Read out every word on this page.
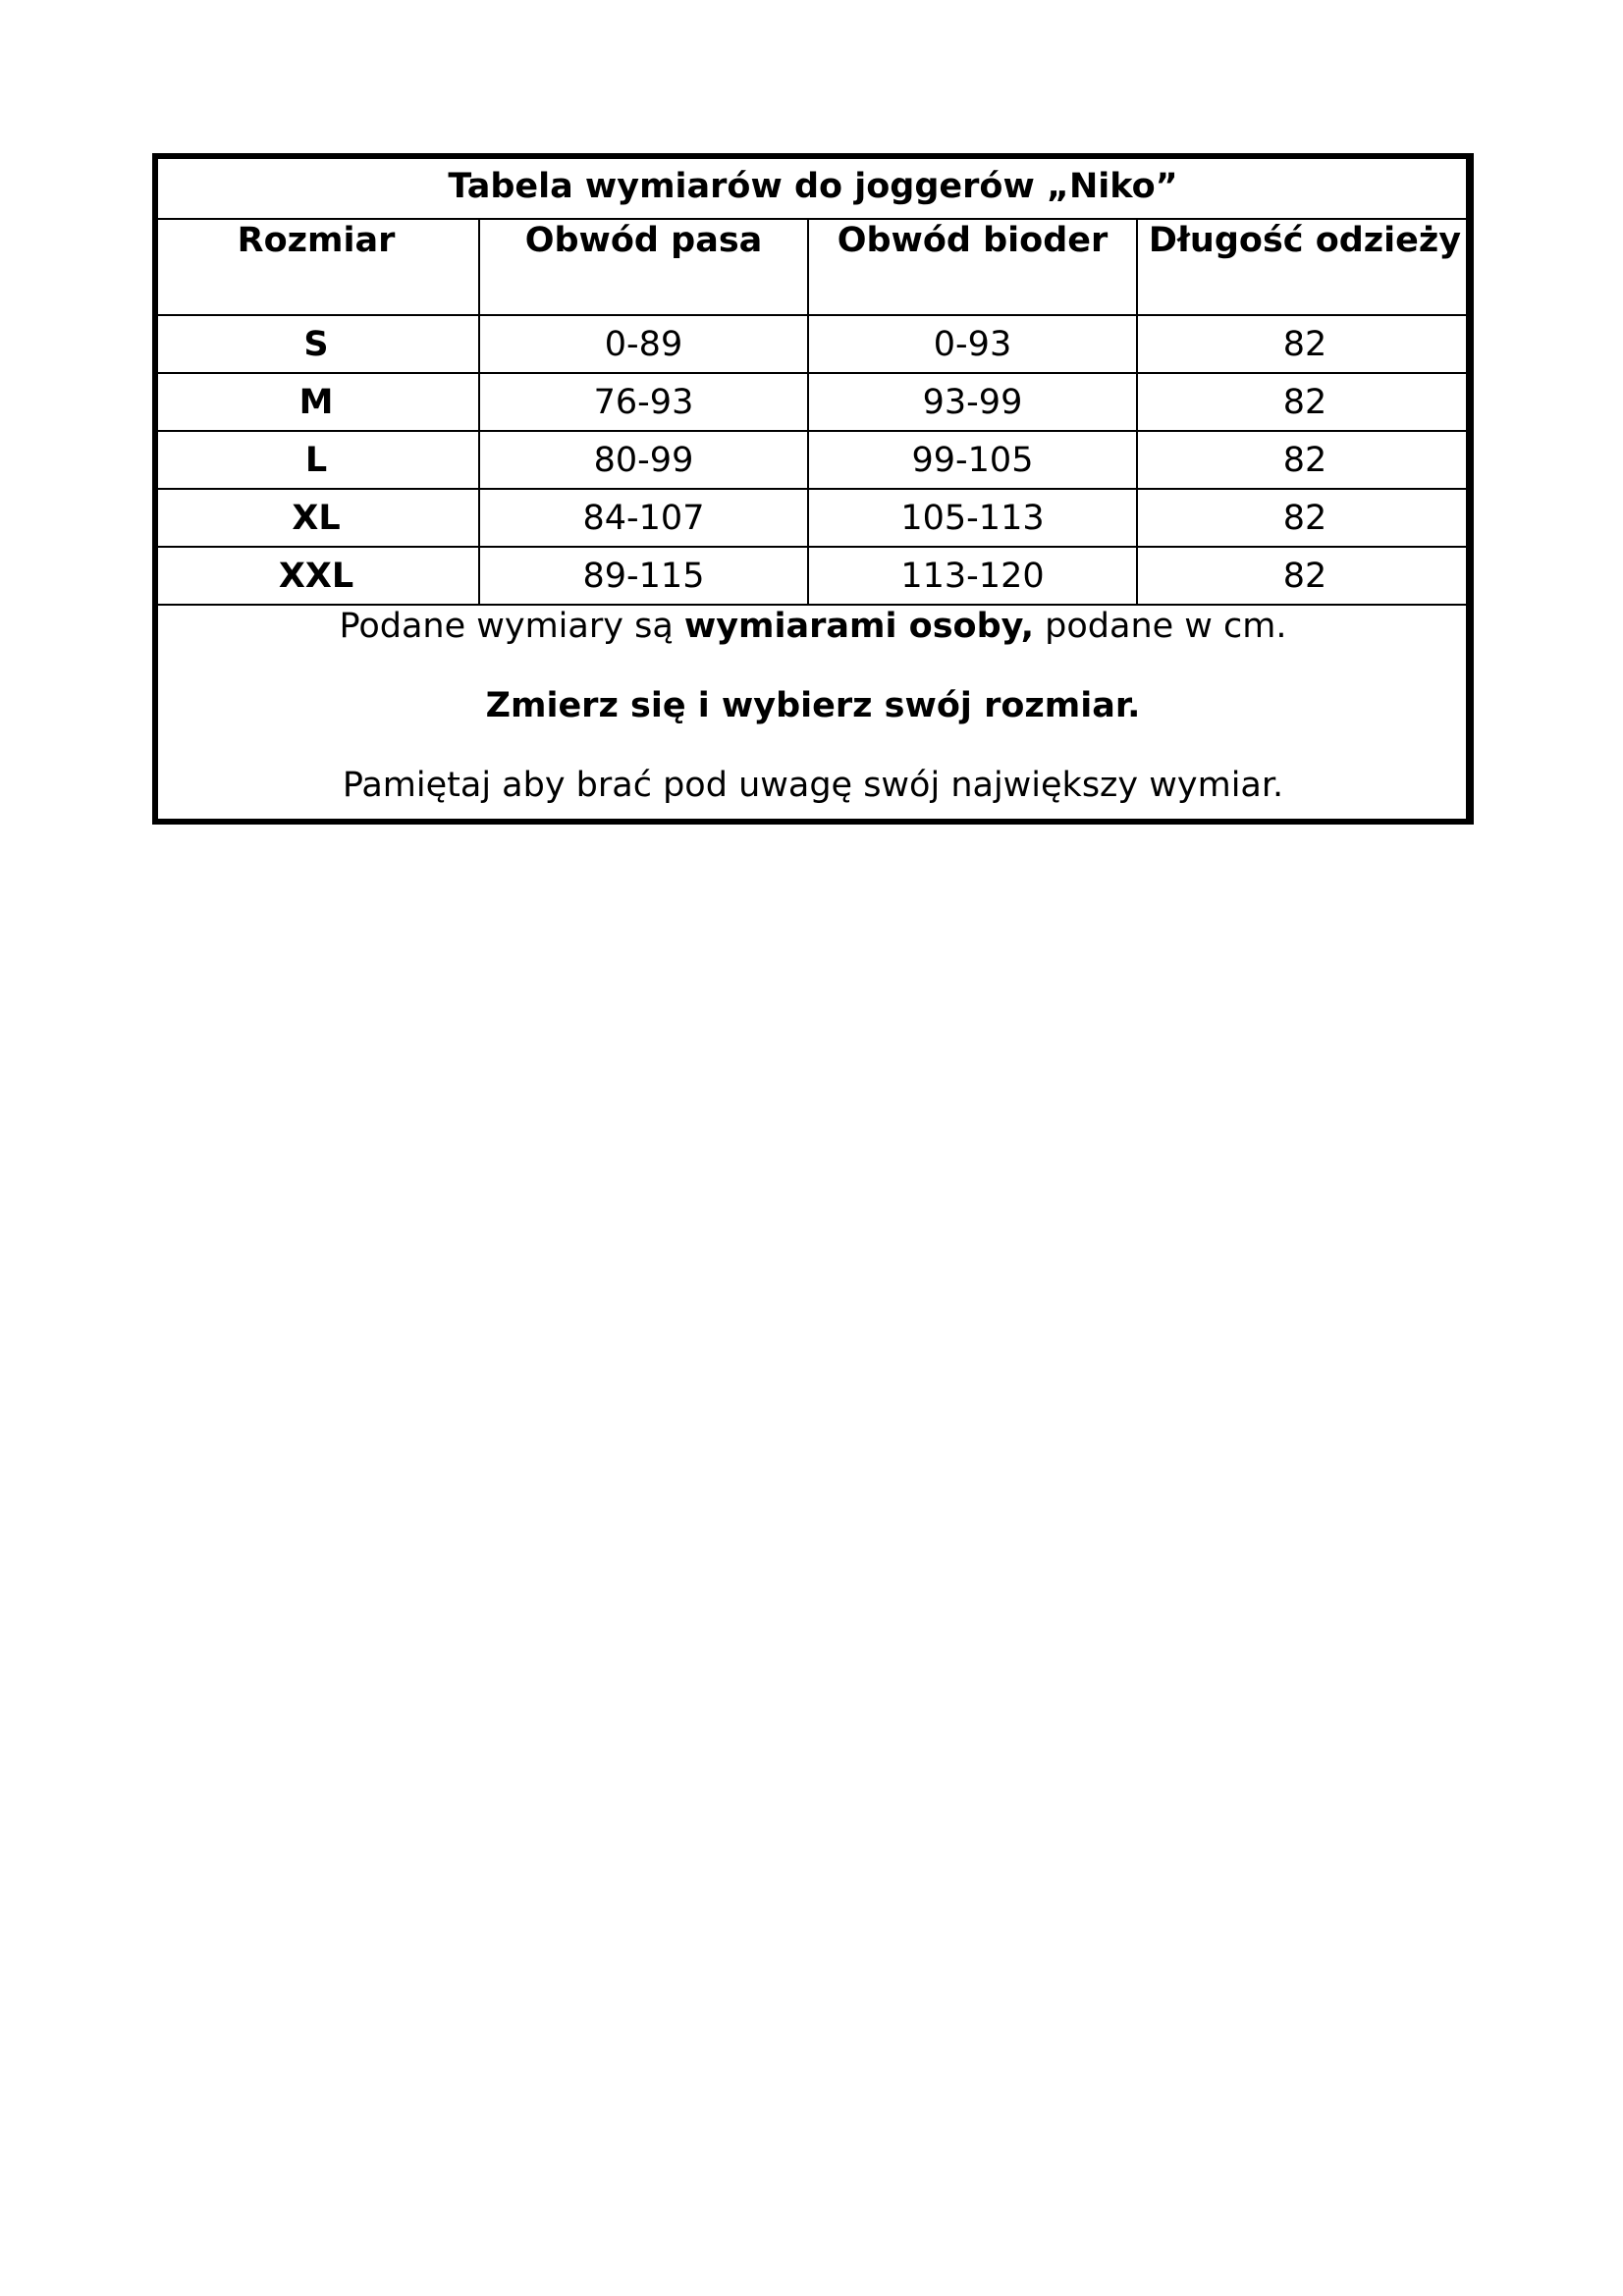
Tabela wymiarów do joggerów „Niko”			
Rozmiar	Obwód pasa	Obwód bioder	Długość odzieży
S	0-89	0-93	82
M	76-93	93-99	82
L	80-99	99-105	82
XL	84-107	105-113	82
XXL	89-115	113-120	82

Podane wymiary są wymiarami osoby, podane w cm.

Zmierz się i wybierz swój rozmiar.

Pamiętaj aby brać pod uwagę swój największy wymiar.			
